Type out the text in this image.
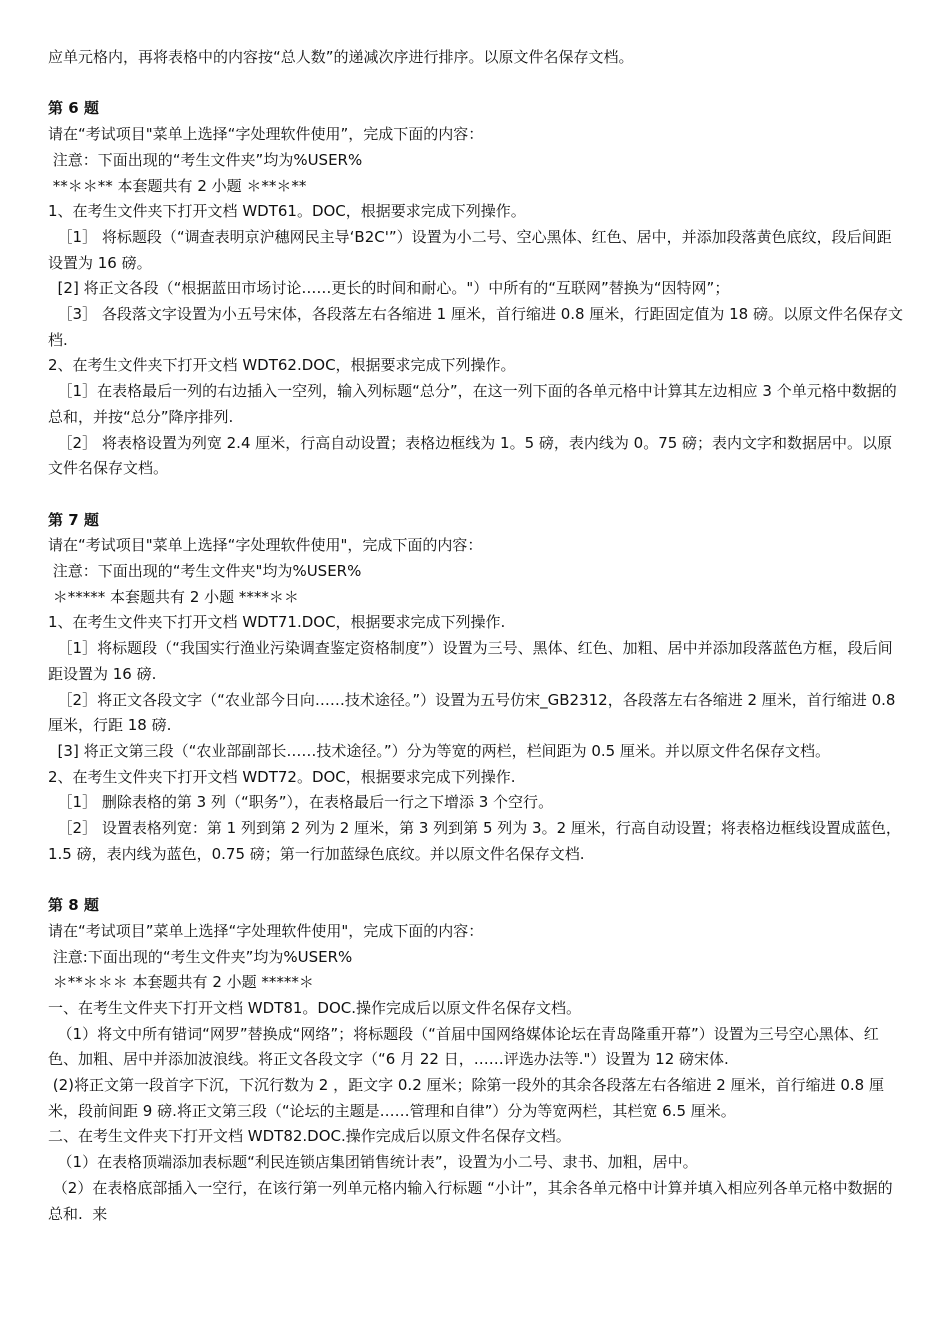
应单元格内，再将表格中的内容按“总人数”的递减次序进行排序。以原文件名保存文档。

第 6 题

请在“考试项目"菜单上选择“字处理软件使用”，完成下面的内容：

注意：下面出现的“考生文件夹”均为%USER%

**＊＊** 本套题共有 2 小题 ＊**＊**

1、在考生文件夹下打开文档 WDT61。DOC，根据要求完成下列操作。

［1］ 将标题段（“调查表明京沪穗网民主导‘B2C'”）设置为小二号、空心黑体、红色、居中，并添加段落黄色底纹，段后间距设置为 16 磅。

[2] 将正文各段（“根据蓝田市场讨论……更长的时间和耐心。"）中所有的“互联网”替换为“因特网”；

［3］ 各段落文字设置为小五号宋体，各段落左右各缩进 1 厘米，首行缩进 0.8 厘米，行距固定值为 18 磅。以原文件名保存文档.

2、在考生文件夹下打开文档 WDT62.DOC，根据要求完成下列操作。

［1］在表格最后一列的右边插入一空列，输入列标题“总分”，在这一列下面的各单元格中计算其左边相应 3 个单元格中数据的总和，并按“总分”降序排列.

［2］ 将表格设置为列宽 2.4 厘米，行高自动设置；表格边框线为 1。5 磅，表内线为 0。75 磅；表内文字和数据居中。以原文件名保存文档。

第 7 题

请在“考试项目"菜单上选择“字处理软件使用"，完成下面的内容：

注意：下面出现的“考生文件夹"均为%USER%

＊***** 本套题共有 2 小题 ****＊＊

1、在考生文件夹下打开文档 WDT71.DOC，根据要求完成下列操作.

［1］将标题段（“我国实行渔业污染调查鉴定资格制度”）设置为三号、黑体、红色、加粗、居中并添加段落蓝色方框，段后间距设置为 16 磅.

［2］将正文各段文字（“农业部今日向……技术途径。”）设置为五号仿宋_GB2312，各段落左右各缩进 2 厘米，首行缩进 0.8 厘米，行距 18 磅.

[3] 将正文第三段（“农业部副部长……技术途径。”）分为等宽的两栏，栏间距为 0.5 厘米。并以原文件名保存文档。

2、在考生文件夹下打开文档 WDT72。DOC，根据要求完成下列操作.

［1］ 删除表格的第 3 列（“职务”），在表格最后一行之下增添 3 个空行。

［2］ 设置表格列宽：第 1 列到第 2 列为 2 厘米，第 3 列到第 5 列为 3。2 厘米，行高自动设置；将表格边框线设置成蓝色，1.5 磅，表内线为蓝色，0.75 磅；第一行加蓝绿色底纹。并以原文件名保存文档.

第 8 题

请在“考试项目”菜单上选择“字处理软件使用"，完成下面的内容：

注意:下面出现的“考生文件夹”均为%USER%

＊**＊＊＊ 本套题共有 2 小题 *****＊

一、在考生文件夹下打开文档 WDT81。DOC.操作完成后以原文件名保存文档。

（1）将文中所有错词“网罗”替换成“网络”；将标题段（“首届中国网络媒体论坛在青岛隆重开幕”）设置为三号空心黑体、红色、加粗、居中并添加波浪线。将正文各段文字（“6 月 22 日，……评选办法等."）设置为 12 磅宋体.

(2)将正文第一段首字下沉，下沉行数为 2 ，距文字 0.2 厘米；除第一段外的其余各段落左右各缩进 2 厘米，首行缩进 0.8 厘米，段前间距 9 磅.将正文第三段（“论坛的主题是……管理和自律”）分为等宽两栏，其栏宽 6.5 厘米。

二、在考生文件夹下打开文档 WDT82.DOC.操作完成后以原文件名保存文档。

（1）在表格顶端添加表标题“利民连锁店集团销售统计表”，设置为小二号、隶书、加粗，居中。

（2）在表格底部插入一空行，在该行第一列单元格内输入行标题 “小计”，其余各单元格中计算并填入相应列各单元格中数据的总和.  来
